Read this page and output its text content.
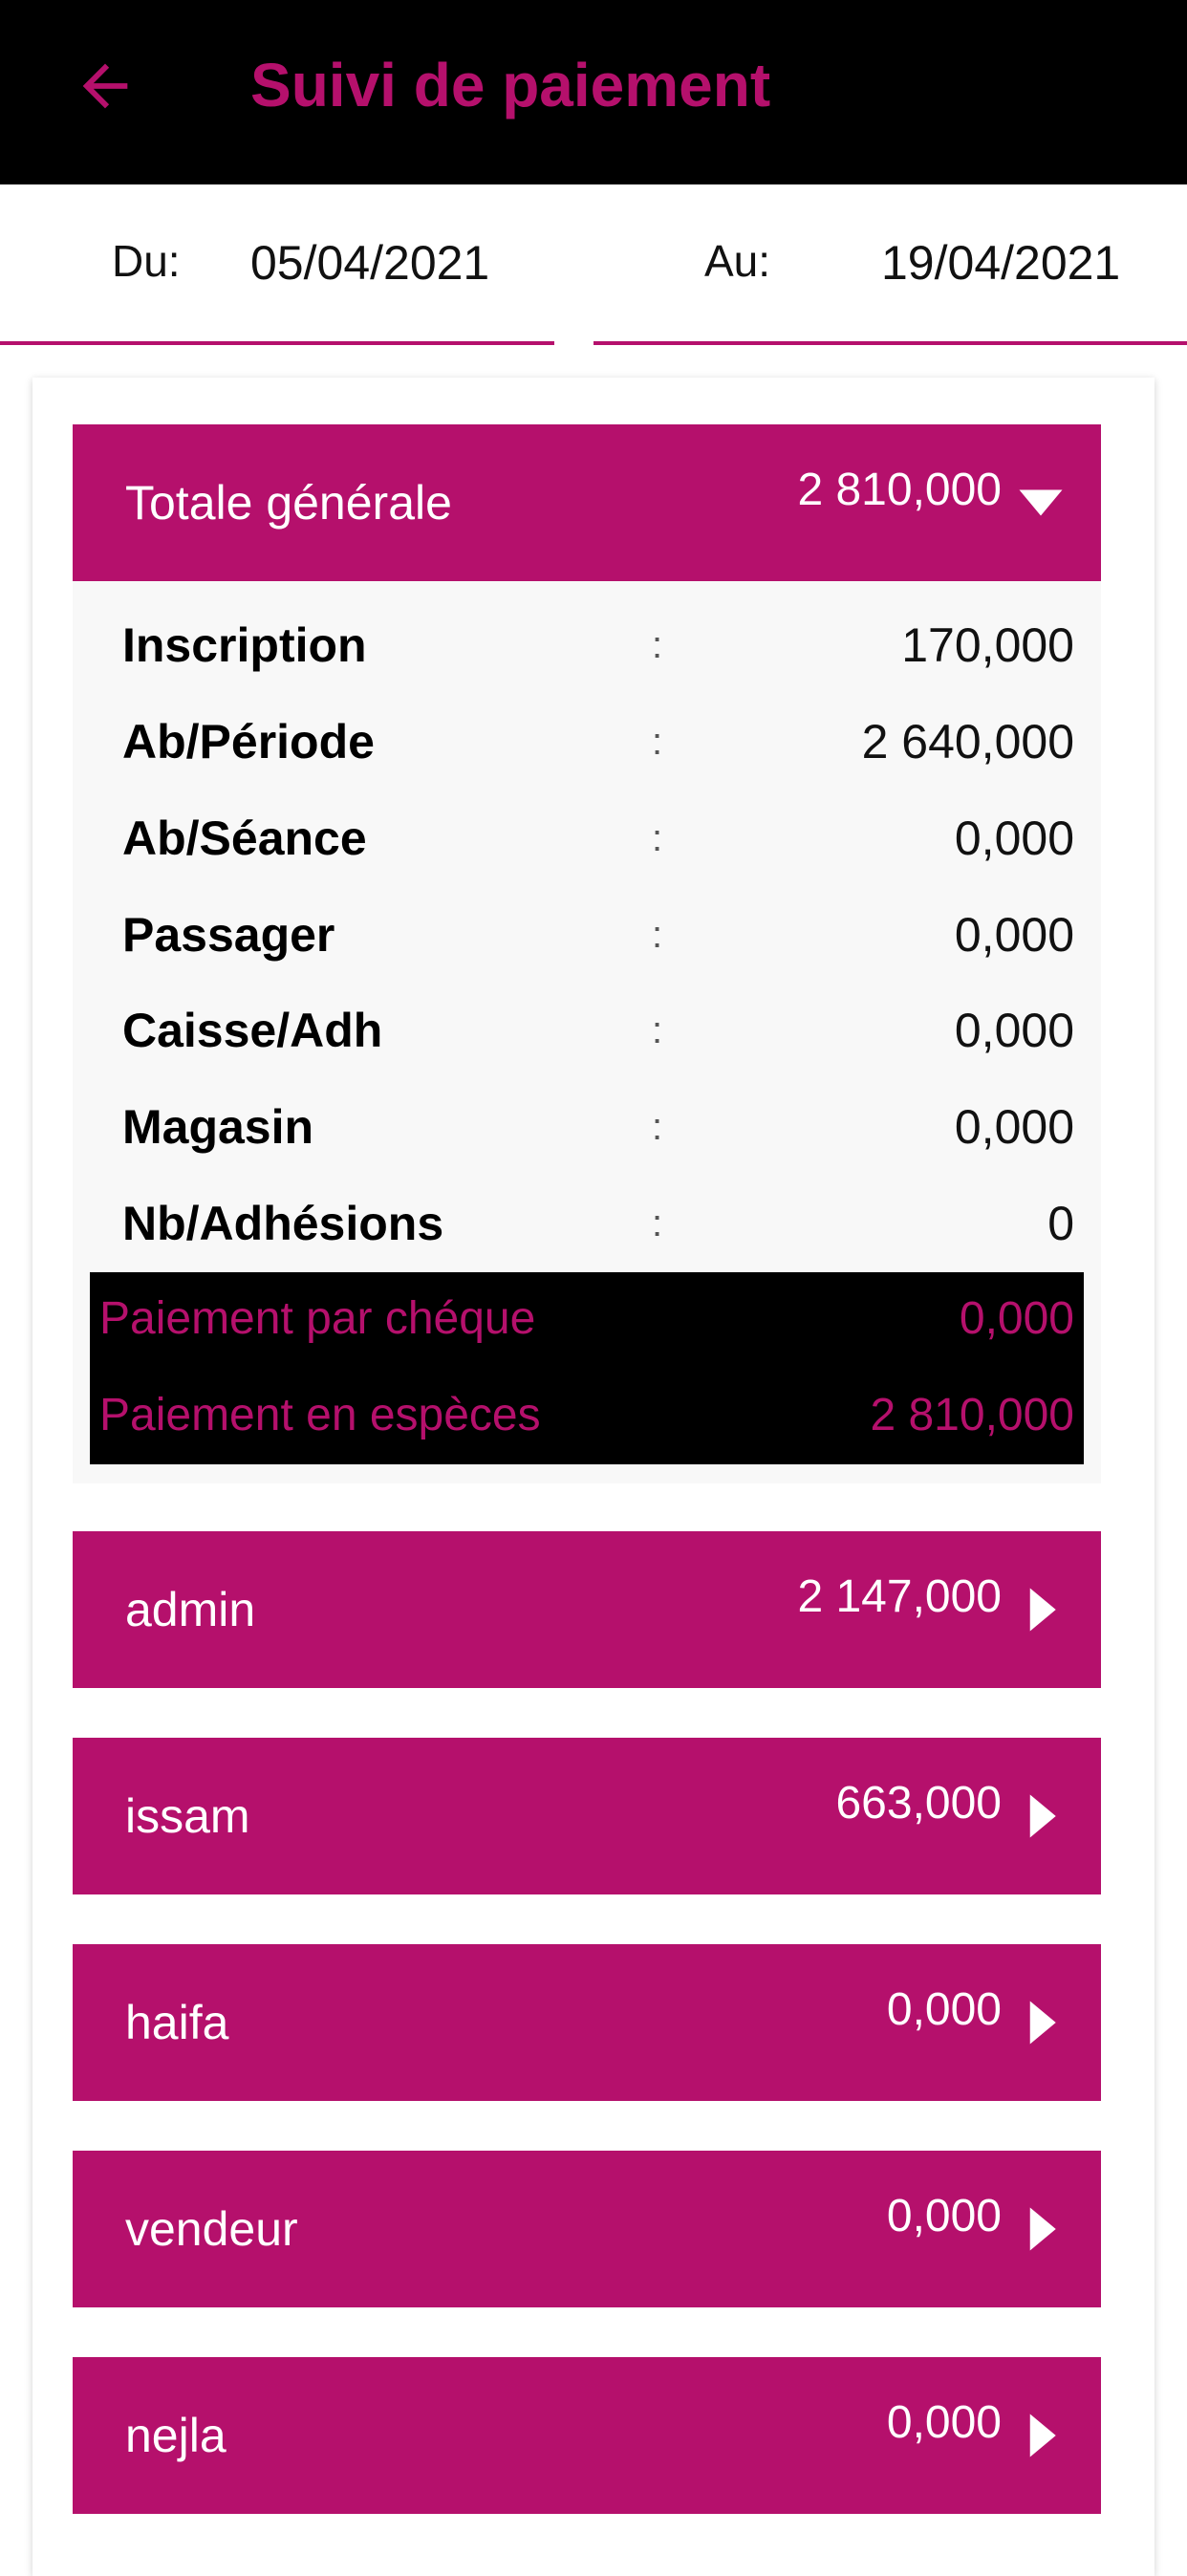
Suivi de paiement
Du: 05/04/2021	Au: 19/04/2021
Totale générale	2 810,000
Inscription	:	170,000
Ab/Période	:	2 640,000
Ab/Séance	:	0,000
Passager	:	0,000
Caisse/Adh	:	0,000
Magasin	:	0,000
Nb/Adhésions	:	0
Paiement par chéque	0,000
Paiement en espèces	2 810,000
admin	2 147,000
issam	663,000
haifa	0,000
vendeur	0,000
nejla	0,000
